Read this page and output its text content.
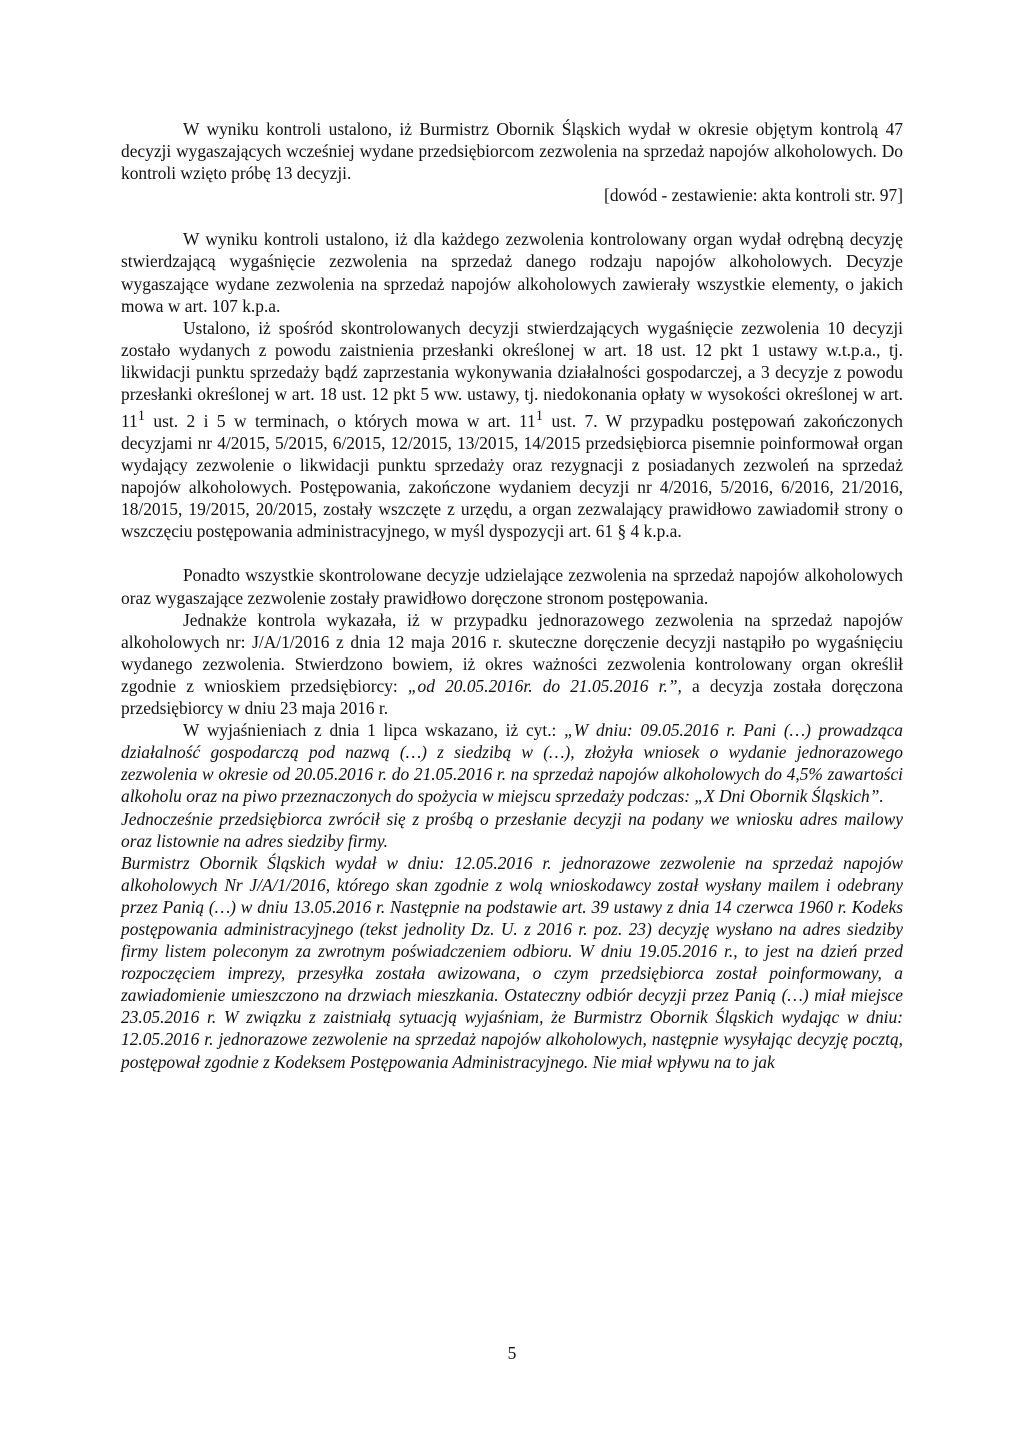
W wyniku kontroli ustalono, iż Burmistrz Obornik Śląskich wydał w okresie objętym kontrolą 47 decyzji wygaszających wcześniej wydane przedsiębiorcom zezwolenia na sprzedaż napojów alkoholowych. Do kontroli wzięto próbę 13 decyzji.

[dowód - zestawienie: akta kontroli str. 97]

W wyniku kontroli ustalono, iż dla każdego zezwolenia kontrolowany organ wydał odrębną decyzję stwierdzającą wygaśnięcie zezwolenia na sprzedaż danego rodzaju napojów alkoholowych. Decyzje wygaszające wydane zezwolenia na sprzedaż napojów alkoholowych zawierały wszystkie elementy, o jakich mowa w art. 107 k.p.a.

Ustalono, iż spośród skontrolowanych decyzji stwierdzających wygaśnięcie zezwolenia 10 decyzji zostało wydanych z powodu zaistnienia przesłanki określonej w art. 18 ust. 12 pkt 1 ustawy w.t.p.a., tj. likwidacji punktu sprzedaży bądź zaprzestania wykonywania działalności gospodarczej, a 3 decyzje z powodu przesłanki określonej w art. 18 ust. 12 pkt 5 ww. ustawy, tj. niedokonania opłaty w wysokości określonej w art. $11^1$ ust. 2 i 5 w terminach, o których mowa w art. $11^1$ ust. 7. W przypadku postępowań zakończonych decyzjami nr 4/2015, 5/2015, 6/2015, 12/2015, 13/2015, 14/2015 przedsiębiorca pisemnie poinformował organ wydający zezwolenie o likwidacji punktu sprzedaży oraz rezygnacji z posiadanych zezwoleń na sprzedaż napojów alkoholowych. Postępowania, zakończone wydaniem decyzji nr 4/2016, 5/2016, 6/2016, 21/2016, 18/2015, 19/2015, 20/2015, zostały wszczęte z urzędu, a organ zezwalający prawidłowo zawiadomił strony o wszczęciu postępowania administracyjnego, w myśl dyspozycji art. 61 § 4 k.p.a.

Ponadto wszystkie skontrolowane decyzje udzielające zezwolenia na sprzedaż napojów alkoholowych oraz wygaszające zezwolenie zostały prawidłowo doręczone stronom postępowania.

Jednakże kontrola wykazała, iż w przypadku jednorazowego zezwolenia na sprzedaż napojów alkoholowych nr: J/A/1/2016 z dnia 12 maja 2016 r. skuteczne doręczenie decyzji nastąpiło po wygaśnięciu wydanego zezwolenia. Stwierdzono bowiem, iż okres ważności zezwolenia kontrolowany organ określił zgodnie z wnioskiem przedsiębiorcy: „od 20.05.2016r. do 21.05.2016 r.”, a decyzja została doręczona przedsiębiorcy w dniu 23 maja 2016 r.

W wyjaśnieniach z dnia 1 lipca wskazano, iż cyt.: „W dniu: 09.05.2016 r. Pani (…) prowadząca działalność gospodarczą pod nazwą (…) z siedzibą w (…), złożyła wniosek o wydanie jednorazowego zezwolenia w okresie od 20.05.2016 r. do 21.05.2016 r. na sprzedaż napojów alkoholowych do 4,5% zawartości alkoholu oraz na piwo przeznaczonych do spożycia w miejscu sprzedaży podczas: „X Dni Obornik Śląskich”.

Jednocześnie przedsiębiorca zwrócił się z prośbą o przesłanie decyzji na podany we wniosku adres mailowy oraz listownie na adres siedziby firmy.

Burmistrz Obornik Śląskich wydał w dniu: 12.05.2016 r. jednorazowe zezwolenie na sprzedaż napojów alkoholowych Nr J/A/1/2016, którego skan zgodnie z wolą wnioskodawcy został wysłany mailem i odebrany przez Panią (…) w dniu 13.05.2016 r. Następnie na podstawie art. 39 ustawy z dnia 14 czerwca 1960 r. Kodeks postępowania administracyjnego (tekst jednolity Dz. U. z 2016 r. poz. 23) decyzję wysłano na adres siedziby firmy listem poleconym za zwrotnym poświadczeniem odbioru. W dniu 19.05.2016 r., to jest na dzień przed rozpoczęciem imprezy, przesyłka została awizowana, o czym przedsiębiorca został poinformowany, a zawiadomienie umieszczono na drzwiach mieszkania. Ostateczny odbiór decyzji przez Panią (…) miał miejsce 23.05.2016 r. W związku z zaistniałą sytuacją wyjaśniam, że Burmistrz Obornik Śląskich wydając w dniu: 12.05.2016 r. jednorazowe zezwolenie na sprzedaż napojów alkoholowych, następnie wysyłając decyzję pocztą, postępował zgodnie z Kodeksem Postępowania Administracyjnego. Nie miał wpływu na to jak

5
